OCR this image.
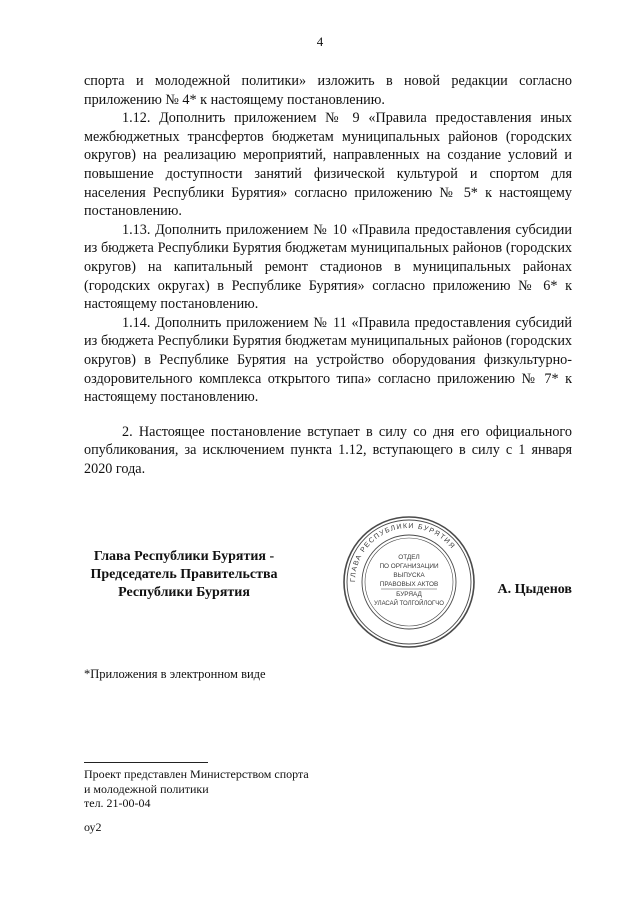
4

спорта и молодежной политики» изложить в новой редакции согласно приложению № 4* к настоящему постановлению.

1.12. Дополнить приложением № 9 «Правила предоставления иных межбюджетных трансфертов бюджетам муниципальных районов (городских округов) на реализацию мероприятий, направленных на создание условий и повышение доступности занятий физической культурой и спортом для населения Республики Бурятия» согласно приложению № 5* к настоящему постановлению.

1.13. Дополнить приложением № 10 «Правила предоставления субсидии из бюджета Республики Бурятия бюджетам муниципальных районов (городских округов) на капитальный ремонт стадионов в муниципальных районах (городских округах) в Республике Бурятия» согласно приложению № 6* к настоящему постановлению.

1.14. Дополнить приложением № 11 «Правила предоставления субсидий из бюджета Республики Бурятия бюджетам муниципальных районов (городских округов) в Республике Бурятия на устройство оборудования физкультурно-оздоровительного комплекса открытого типа» согласно приложению № 7* к настоящему постановлению.

2. Настоящее постановление вступает в силу со дня его официального опубликования, за исключением пункта 1.12, вступающего в силу с 1 января 2020 года.

Глава Республики Бурятия -
Председатель Правительства
Республики Бурятия
ГЛАВА РЕСПУБЛИКИ БУРЯТИЯ
ОТДЕЛ
ПО ОРГАНИЗАЦИИ
ВЫПУСКА
ПРАВОВЫХ АКТОВ
БУРЯАД
УЛАСАЙ ТОЛГОЙЛОГЧО
А. Цыденов
*Приложения в электронном виде
Проект представлен Министерством спорта
и молодежной политики
тел. 21-00-04
оу2
